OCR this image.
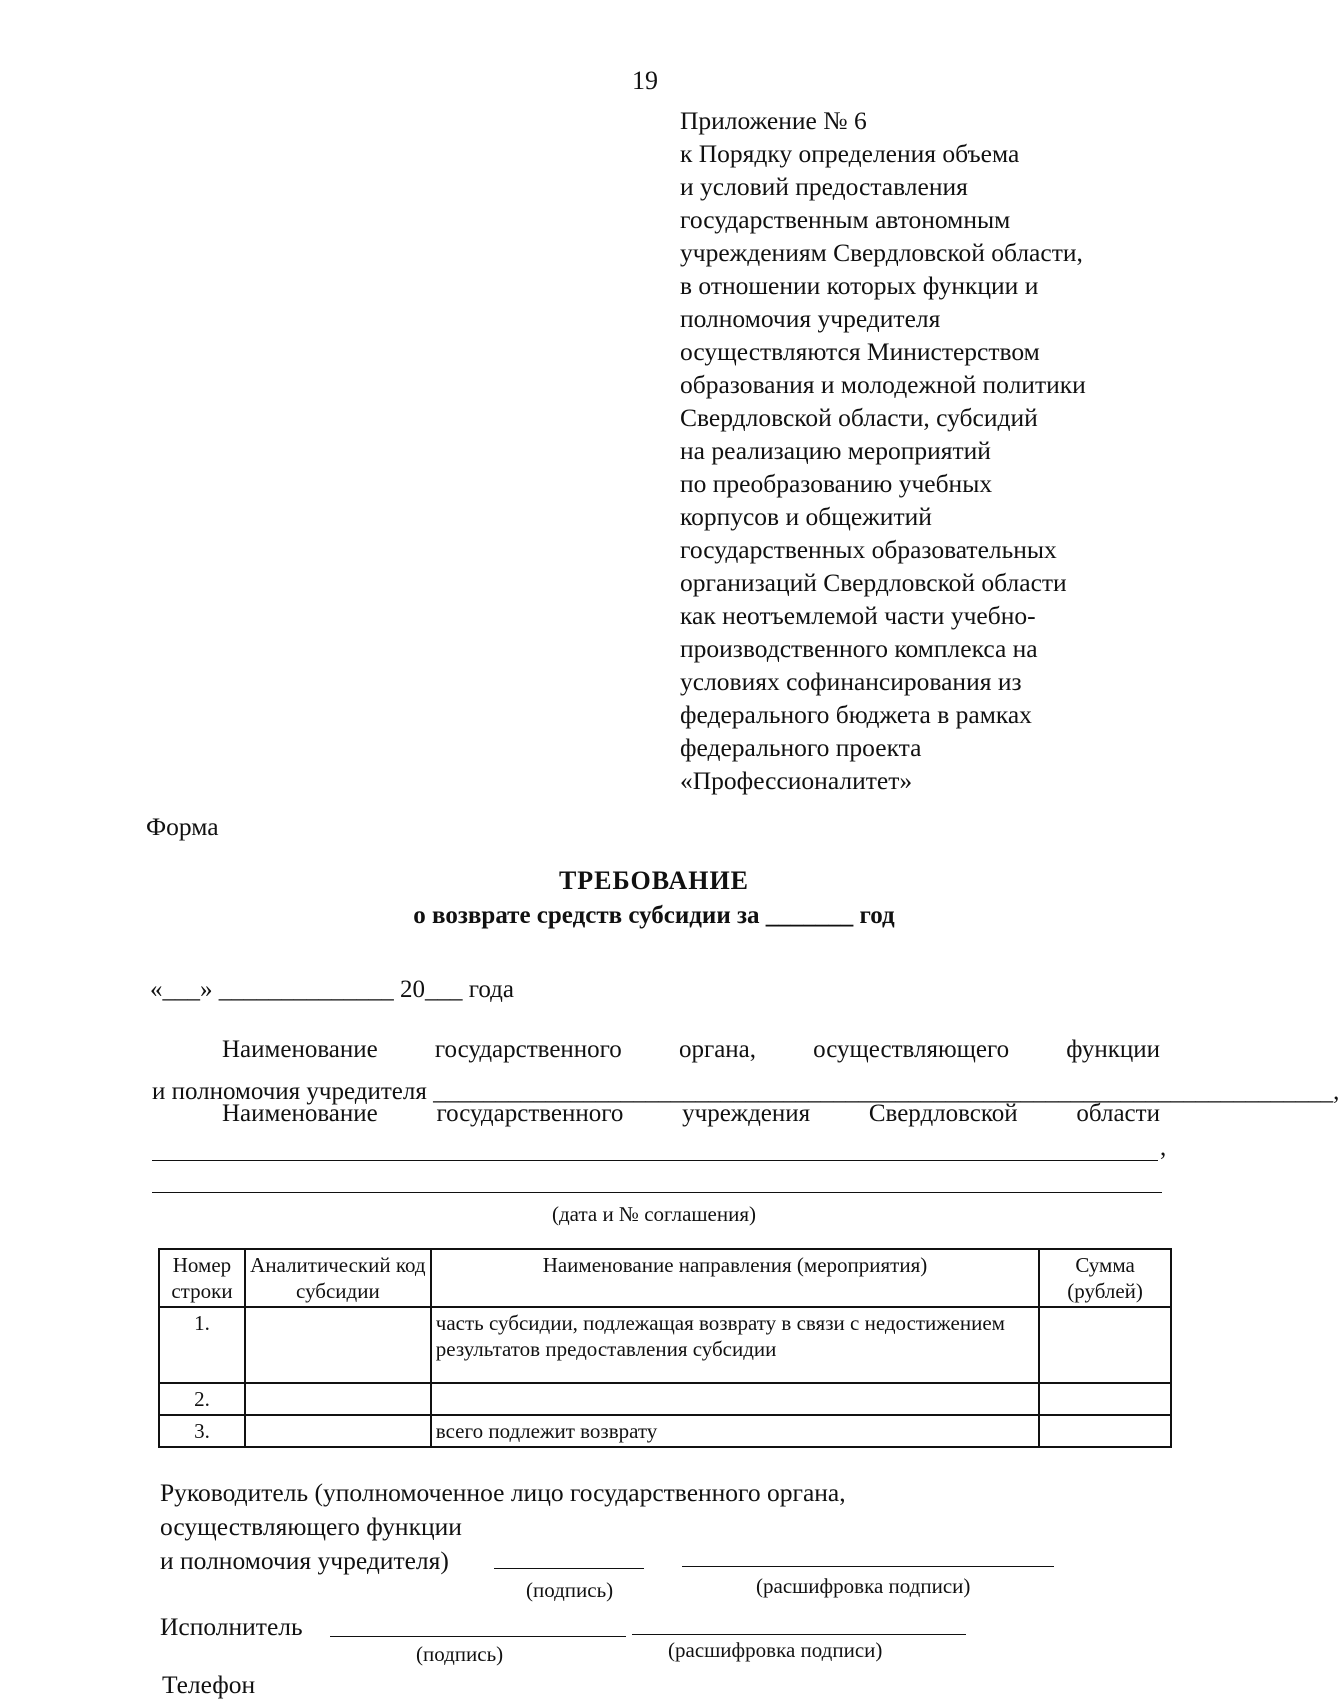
19
Приложение № 6
к Порядку определения объема
и условий предоставления
государственным автономным
учреждениям Свердловской области,
в отношении которых функции и
полномочия учредителя
осуществляются Министерством
образования и молодежной политики
Свердловской области, субсидий
на реализацию мероприятий
по преобразованию учебных
корпусов и общежитий
государственных образовательных
организаций Свердловской области
как неотъемлемой части учебно-
производственного комплекса на
условиях софинансирования из
федерального бюджета в рамках
федерального проекта
«Профессионалитет»
Форма
ТРЕБОВАНИЕ
о возврате средств субсидии за _______ год
«___» ______________ 20___ года
Наименование государственного органа, осуществляющего функции
и полномочия учредителя ________________________________________________________________________,
Наименование государственного учреждения Свердловской области
,
(дата и № соглашения)
Номер строки	Аналитический код субсидии	Наименование направления (мероприятия)	Сумма (рублей)
1.		часть субсидии, подлежащая возврату в связи с недостижением результатов предоставления субсидии	
2.			
3.		всего подлежит возврату	
Руководитель (уполномоченное лицо государственного органа,
осуществляющего функции
и полномочия учредителя)
(подпись)	(расшифровка подписи)
Исполнитель
(подпись)	(расшифровка подписи)
Телефон
